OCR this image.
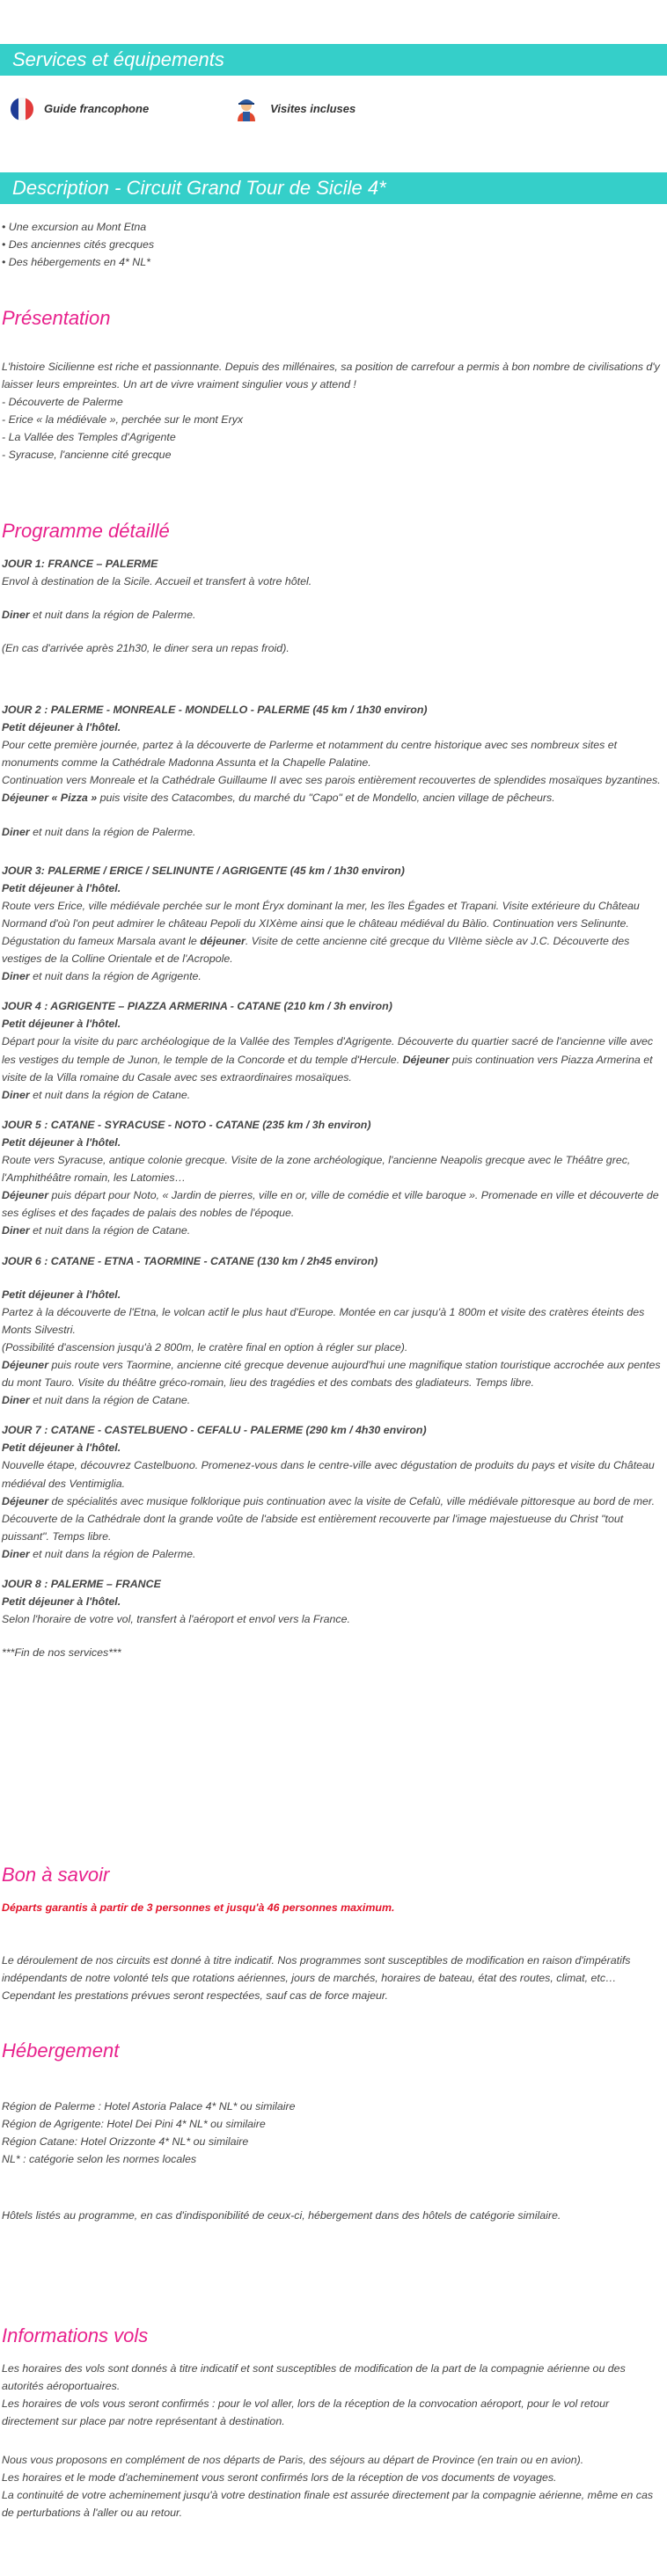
Services et équipements
Guide francophone	Visites incluses
Description - Circuit Grand Tour de Sicile 4*

• Une excursion au Mont Etna

• Des anciennes cités grecques

• Des hébergements en 4* NL*

Présentation

L'histoire Sicilienne est riche et passionnante. Depuis des millénaires, sa position de carrefour a permis à bon nombre de civilisations d'y laisser leurs empreintes. Un art de vivre vraiment singulier vous y attend !

- Découverte de Palerme

- Erice « la médiévale », perchée sur le mont Eryx

- La Vallée des Temples d'Agrigente

- Syracuse, l'ancienne cité grecque

Programme détaillé

JOUR 1: FRANCE – PALERME

Envol à destination de la Sicile. Accueil et transfert à votre hôtel.

Diner et nuit dans la région de Palerme.

(En cas d'arrivée après 21h30, le diner sera un repas froid).

JOUR 2 : PALERME - MONREALE - MONDELLO - PALERME (45 km / 1h30 environ)

Petit déjeuner à l'hôtel.

Pour cette première journée, partez à la découverte de Parlerme et notamment du centre historique avec ses nombreux sites et monuments comme la Cathédrale Madonna Assunta et la Chapelle Palatine.

Continuation vers Monreale et la Cathédrale Guillaume II avec ses parois entièrement recouvertes de splendides mosaïques byzantines.

Déjeuner « Pizza » puis visite des Catacombes, du marché du "Capo" et de Mondello, ancien village de pêcheurs.

Diner et nuit dans la région de Palerme.

JOUR 3: PALERME / ERICE / SELINUNTE / AGRIGENTE (45 km / 1h30 environ)

Petit déjeuner à l'hôtel.

Route vers Erice, ville médiévale perchée sur le mont Éryx dominant la mer, les îles Égades et Trapani. Visite extérieure du Château Normand d'où l'on peut admirer le château Pepoli du XIXème ainsi que le château médiéval du Bàlio. Continuation vers Selinunte. Dégustation du fameux Marsala avant le déjeuner. Visite de cette ancienne cité grecque du VIIème siècle av J.C. Découverte des vestiges de la Colline Orientale et de l'Acropole.

Diner et nuit dans la région de Agrigente.

JOUR 4 : AGRIGENTE – PIAZZA ARMERINA - CATANE (210 km / 3h environ)

Petit déjeuner à l'hôtel.

Départ pour la visite du parc archéologique de la Vallée des Temples d'Agrigente. Découverte du quartier sacré de l'ancienne ville avec les vestiges du temple de Junon, le temple de la Concorde et du temple d'Hercule. Déjeuner puis continuation vers Piazza Armerina et visite de la Villa romaine du Casale avec ses extraordinaires mosaïques.

Diner et nuit dans la région de Catane.

JOUR 5 : CATANE - SYRACUSE - NOTO - CATANE (235 km / 3h environ)

Petit déjeuner à l'hôtel.

Route vers Syracuse, antique colonie grecque. Visite de la zone archéologique, l'ancienne Neapolis grecque avec le Théâtre grec, l'Amphithéâtre romain, les Latomies…

Déjeuner puis départ pour Noto, « Jardin de pierres, ville en or, ville de comédie et ville baroque ». Promenade en ville et découverte de ses églises et des façades de palais des nobles de l'époque.

Diner et nuit dans la région de Catane.

JOUR 6 : CATANE - ETNA - TAORMINE - CATANE (130 km / 2h45 environ)

Petit déjeuner à l'hôtel.

Partez à la découverte de l'Etna, le volcan actif le plus haut d'Europe. Montée en car jusqu'à 1 800m et visite des cratères éteints des Monts Silvestri.

(Possibilité d'ascension jusqu'à 2 800m, le cratère final en option à régler sur place).

Déjeuner puis route vers Taormine, ancienne cité grecque devenue aujourd'hui une magnifique station touristique accrochée aux pentes du mont Tauro. Visite du théâtre gréco-romain, lieu des tragédies et des combats des gladiateurs. Temps libre.

Diner et nuit dans la région de Catane.

JOUR 7 : CATANE - CASTELBUENO - CEFALU - PALERME (290 km / 4h30 environ)

Petit déjeuner à l'hôtel.

Nouvelle étape, découvrez Castelbuono. Promenez-vous dans le centre-ville avec dégustation de produits du pays et visite du Château médiéval des Ventimiglia.

Déjeuner de spécialités avec musique folklorique puis continuation avec la visite de Cefalù, ville médiévale pittoresque au bord de mer. Découverte de la Cathédrale dont la grande voûte de l'abside est entièrement recouverte par l'image majestueuse du Christ "tout puissant". Temps libre.

Diner et nuit dans la région de Palerme.

JOUR 8 : PALERME – FRANCE

Petit déjeuner à l'hôtel.

Selon l'horaire de votre vol, transfert à l'aéroport et envol vers la France.

***Fin de nos services***

Bon à savoir

Départs garantis à partir de 3 personnes et jusqu'à 46 personnes maximum.

Le déroulement de nos circuits est donné à titre indicatif. Nos programmes sont susceptibles de modification en raison d'impératifs indépendants de notre volonté tels que rotations aériennes, jours de marchés, horaires de bateau, état des routes, climat, etc… Cependant les prestations prévues seront respectées, sauf cas de force majeur.

Hébergement

Région de Palerme : Hotel Astoria Palace 4* NL* ou similaire

Région de Agrigente: Hotel Dei Pini 4* NL* ou similaire

Région Catane: Hotel Orizzonte 4* NL* ou similaire

NL* : catégorie selon les normes locales

Hôtels listés au programme, en cas d'indisponibilité de ceux-ci, hébergement dans des hôtels de catégorie similaire.

Informations vols

Les horaires des vols sont donnés à titre indicatif et sont susceptibles de modification de la part de la compagnie aérienne ou des autorités aéroportuaires.

Les horaires de vols vous seront confirmés : pour le vol aller, lors de la réception de la convocation aéroport, pour le vol retour directement sur place par notre représentant à destination.

Nous vous proposons en complément de nos départs de Paris, des séjours au départ de Province (en train ou en avion).

Les horaires et le mode d'acheminement vous seront confirmés lors de la réception de vos documents de voyages.

La continuité de votre acheminement jusqu'à votre destination finale est assurée directement par la compagnie aérienne, même en cas de perturbations à l'aller ou au retour.
